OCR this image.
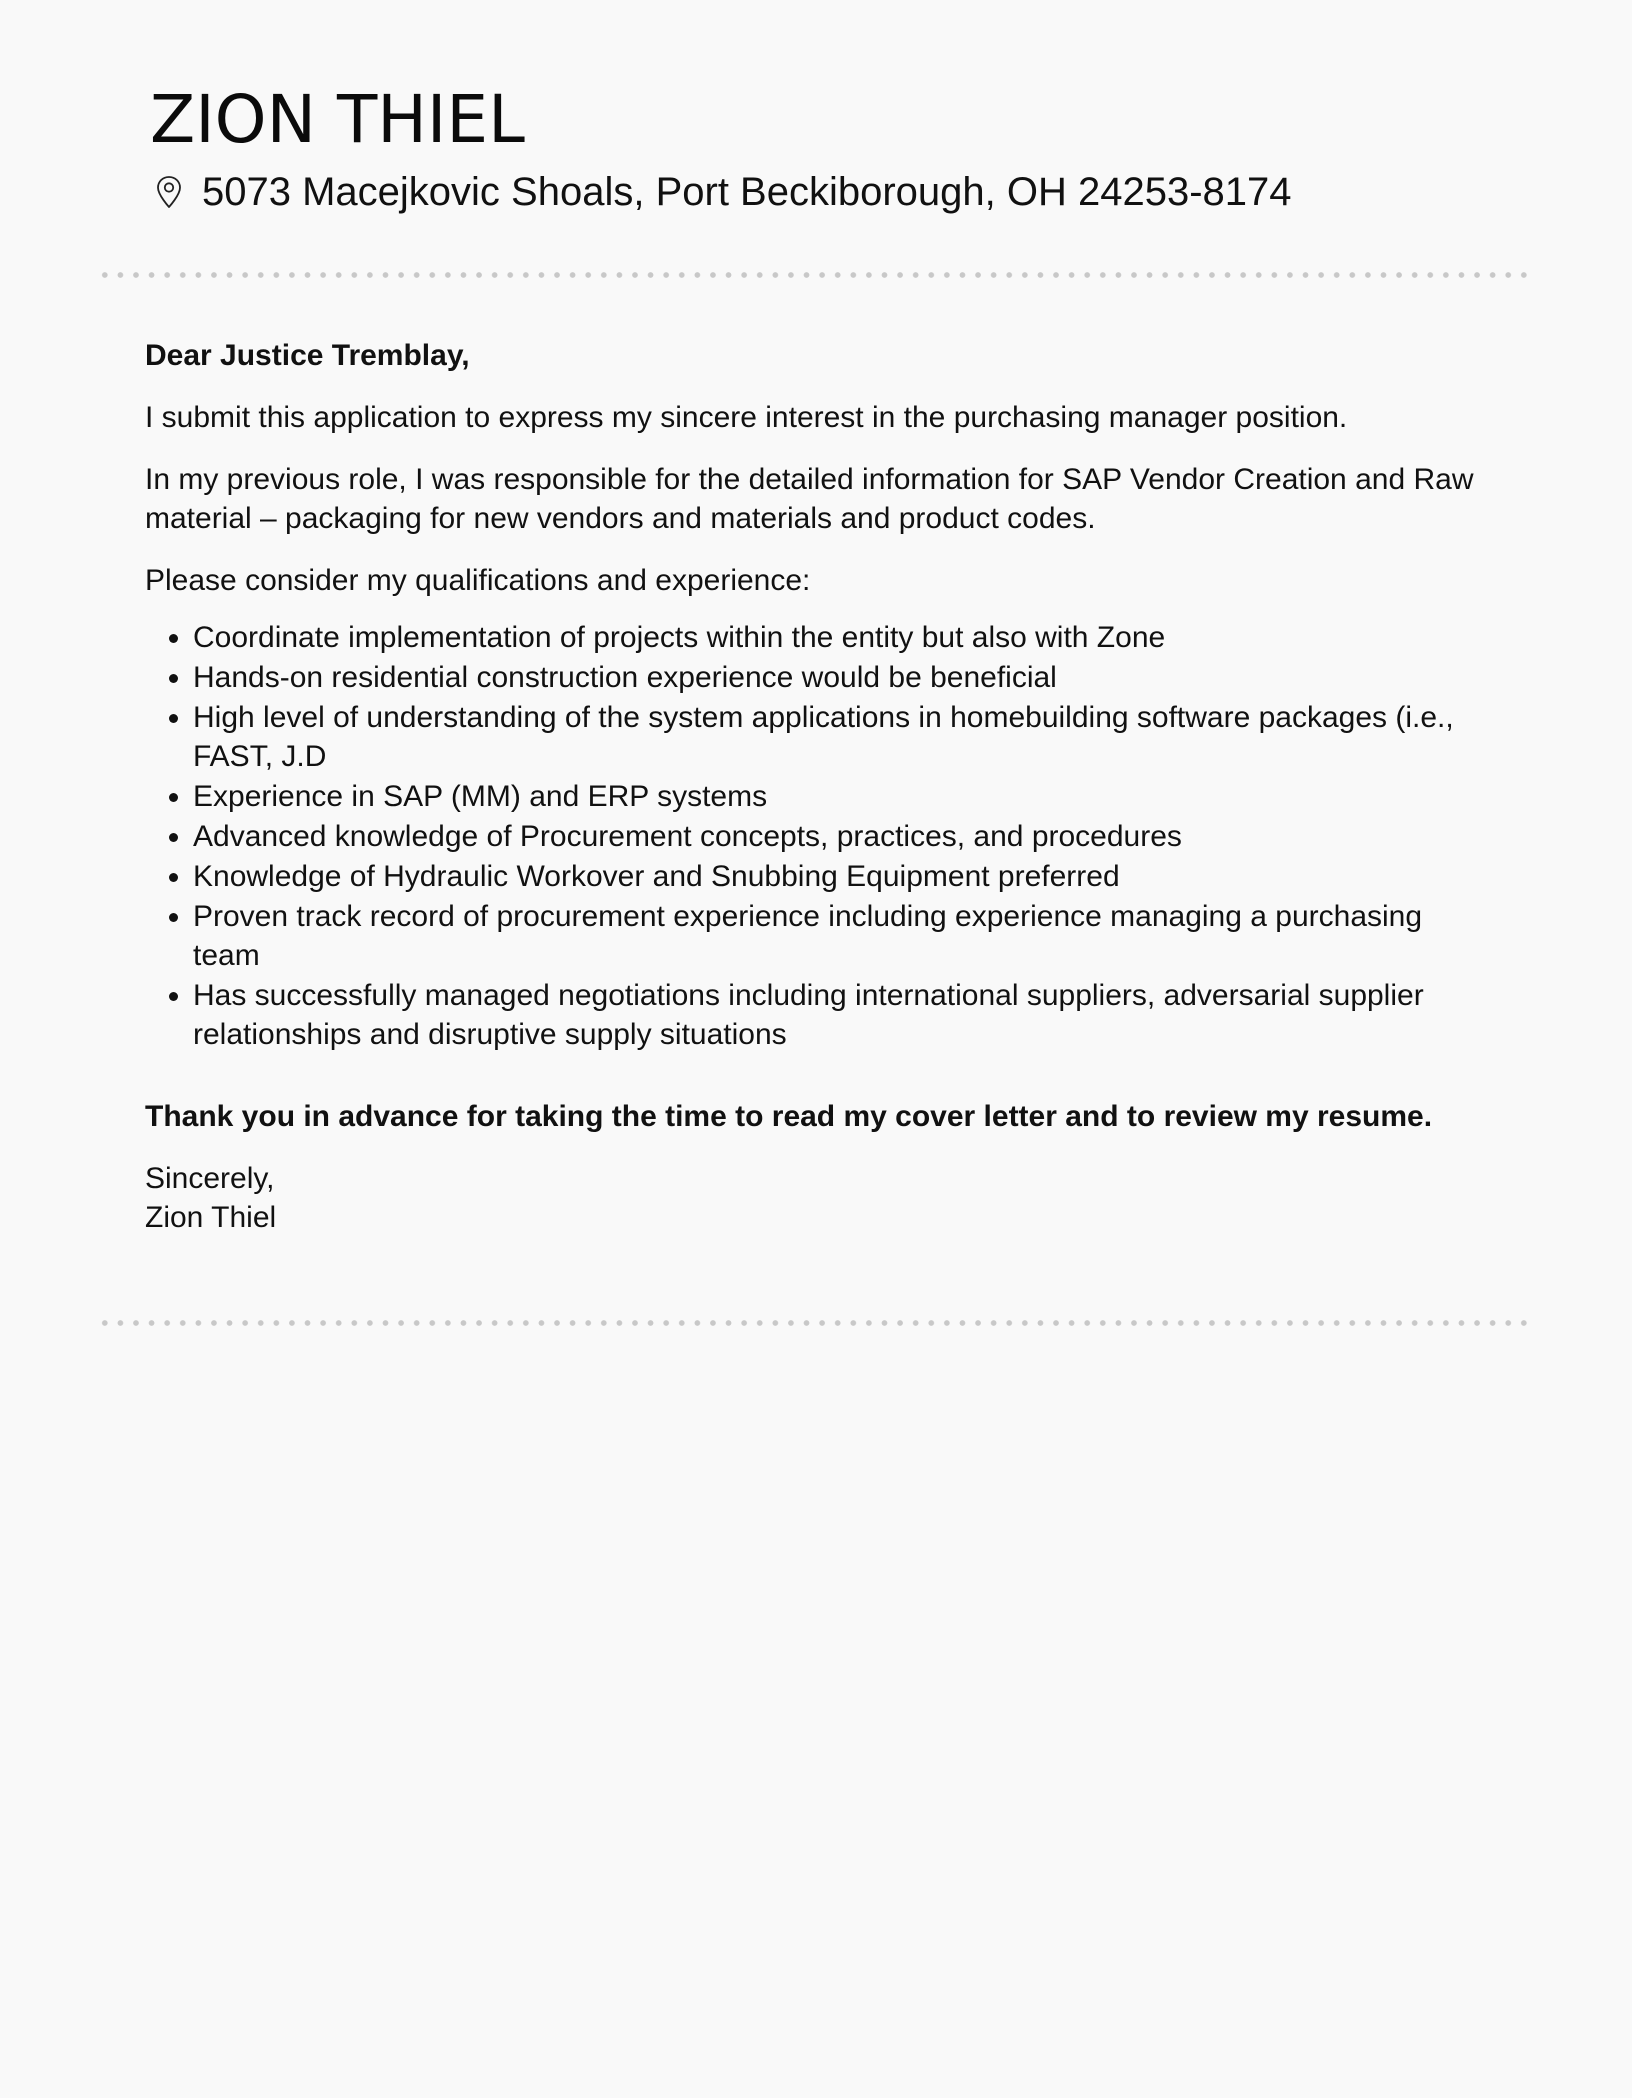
ZION THIEL
5073 Macejkovic Shoals, Port Beckiborough, OH 24253-8174

Dear Justice Tremblay,

I submit this application to express my sincere interest in the purchasing manager position.

In my previous role, I was responsible for the detailed information for SAP Vendor Creation and Raw material – packaging for new vendors and materials and product codes.

Please consider my qualifications and experience:

• Coordinate implementation of projects within the entity but also with Zone
• Hands-on residential construction experience would be beneficial
• High level of understanding of the system applications in homebuilding software packages (i.e., FAST, J.D
• Experience in SAP (MM) and ERP systems
• Advanced knowledge of Procurement concepts, practices, and procedures
• Knowledge of Hydraulic Workover and Snubbing Equipment preferred
• Proven track record of procurement experience including experience managing a purchasing team
• Has successfully managed negotiations including international suppliers, adversarial supplier relationships and disruptive supply situations

Thank you in advance for taking the time to read my cover letter and to review my resume.

Sincerely,

Zion Thiel
